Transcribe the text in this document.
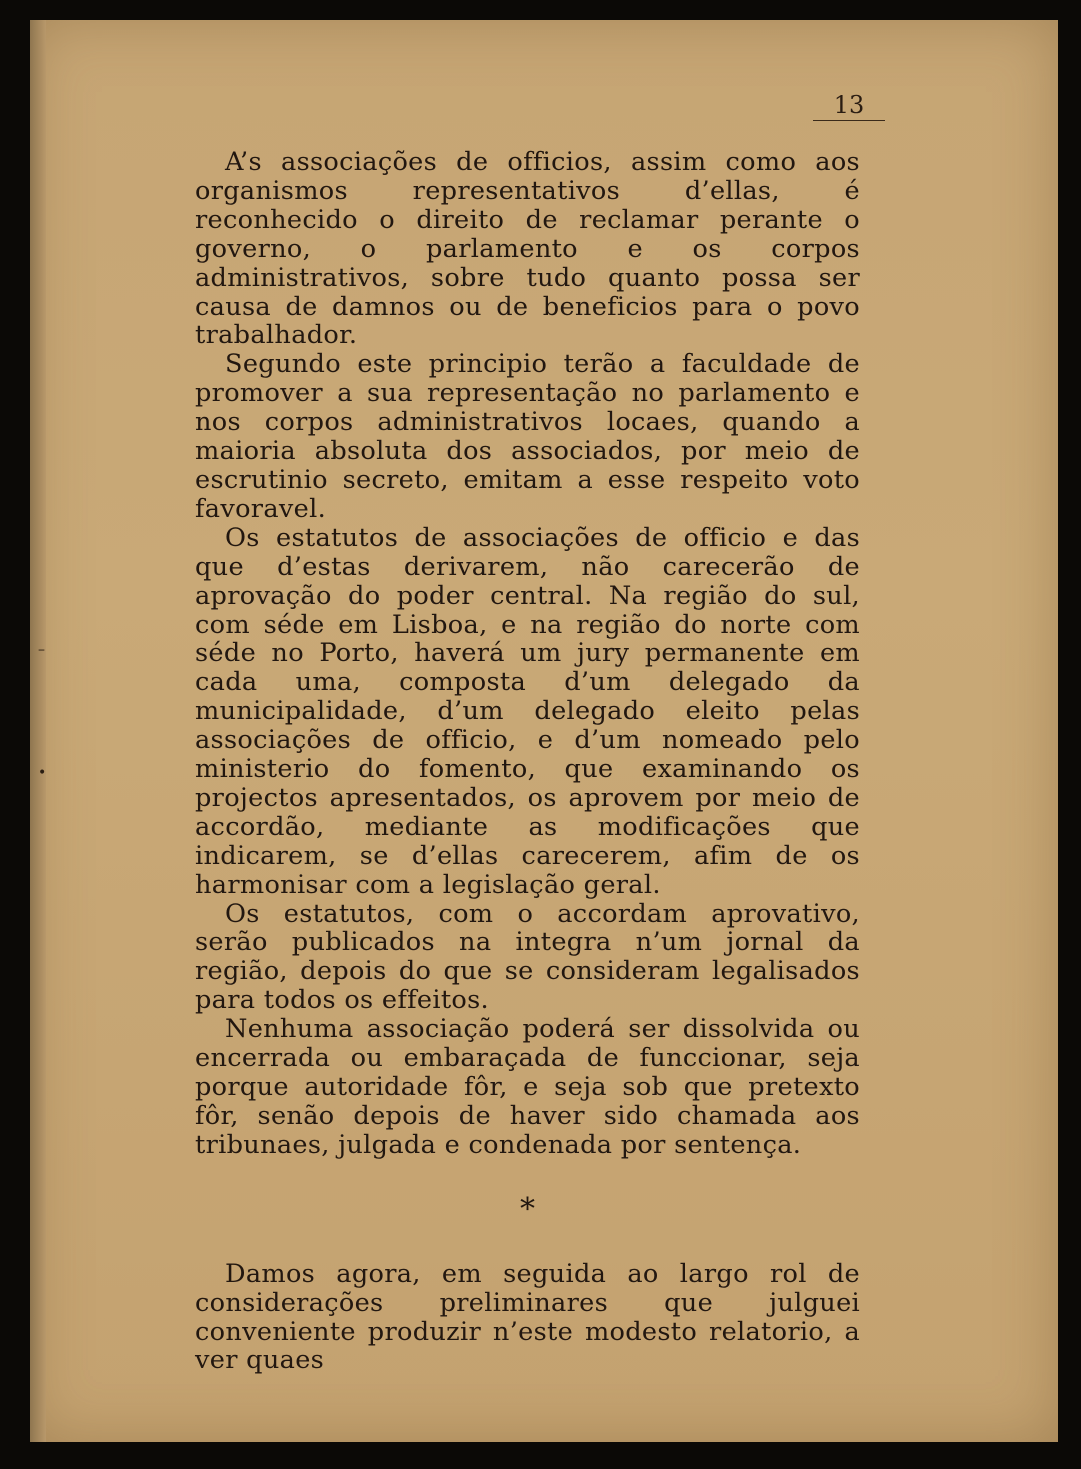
–
•
13

A’s associações de officios, assim como aos organismos representativos d’ellas, é reconhecido o direito de reclamar perante o governo, o parlamento e os corpos administrativos, sobre tudo quanto possa ser causa de damnos ou de beneficios para o povo trabalhador.

Segundo este principio terão a faculdade de promover a sua representação no parlamento e nos corpos administrativos locaes, quando a maioria absoluta dos associados, por meio de escrutinio secreto, emitam a esse respeito voto favoravel.

Os estatutos de associações de officio e das que d’estas derivarem, não carecerão de aprovação do poder central. Na região do sul, com séde em Lisboa, e na região do norte com séde no Porto, haverá um jury permanente em cada uma, composta d’um delegado da municipalidade, d’um delegado eleito pelas associações de officio, e d’um nomeado pelo ministerio do fomento, que examinando os projectos apresentados, os aprovem por meio de accordão, mediante as modificações que indicarem, se d’ellas carecerem, afim de os harmonisar com a legislação geral.

Os estatutos, com o accordam aprovativo, serão publicados na integra n’um jornal da região, depois do que se consideram legalisados para todos os effeitos.

Nenhuma associação poderá ser dissolvida ou encerrada ou embaraçada de funccionar, seja porque autoridade fôr, e seja sob que pretexto fôr, senão depois de haver sido chamada aos tribunaes, julgada e condenada por sentença.

*

Damos agora, em seguida ao largo rol de considerações preliminares que julguei conveniente produzir n’este modesto relatorio, a ver quaes
